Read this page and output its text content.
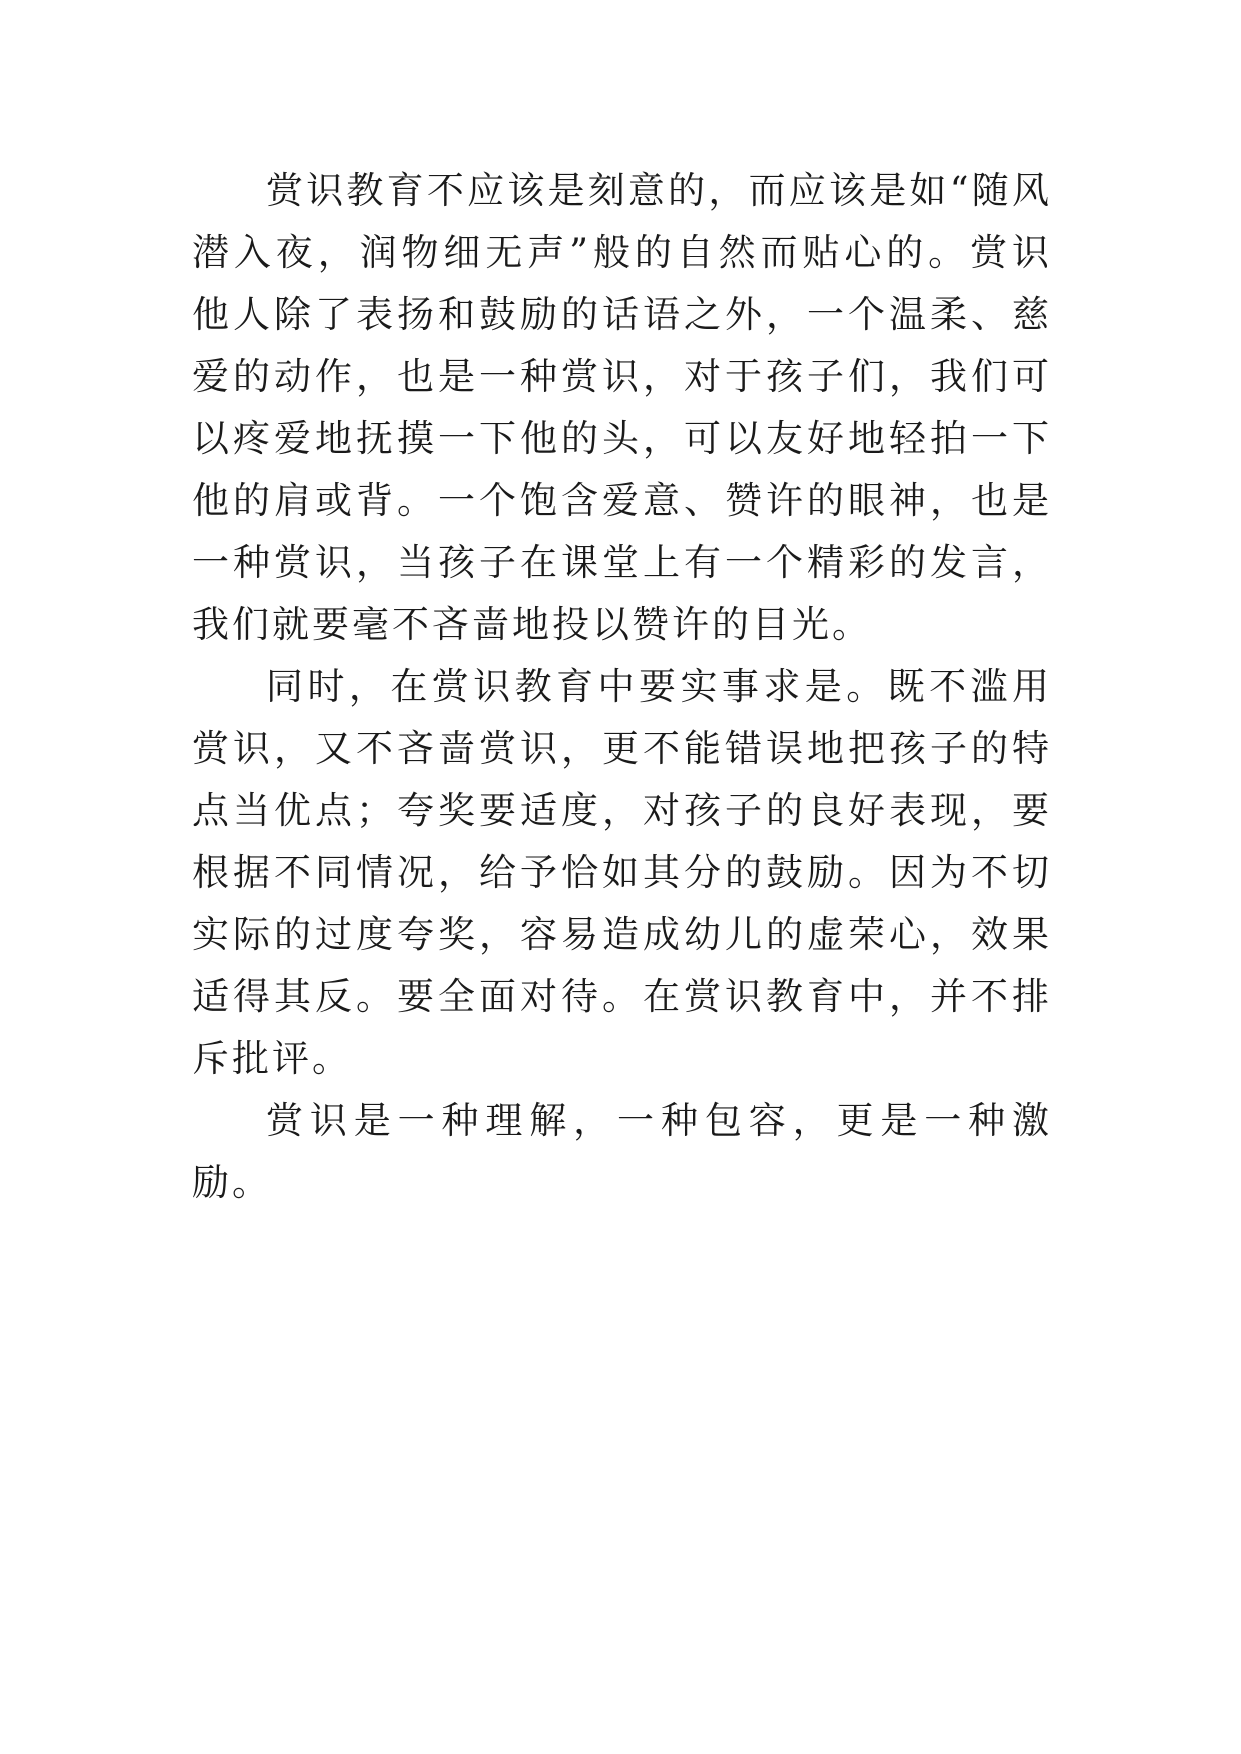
赏识教育不应该是刻意的，而应该是如“随风潜入夜，润物细无声”般的自然而贴心的。赏识他人除了表扬和鼓励的话语之外，一个温柔、慈爱的动作，也是一种赏识，对于孩子们，我们可以疼爱地抚摸一下他的头，可以友好地轻拍一下他的肩或背。一个饱含爱意、赞许的眼神，也是一种赏识，当孩子在课堂上有一个精彩的发言，我们就要毫不吝啬地投以赞许的目光。

同时，在赏识教育中要实事求是。既不滥用赏识，又不吝啬赏识，更不能错误地把孩子的特点当优点；夸奖要适度，对孩子的良好表现，要根据不同情况，给予恰如其分的鼓励。因为不切实际的过度夸奖，容易造成幼儿的虚荣心，效果适得其反。要全面对待。在赏识教育中，并不排斥批评。

赏识是一种理解，一种包容，更是一种激励。
